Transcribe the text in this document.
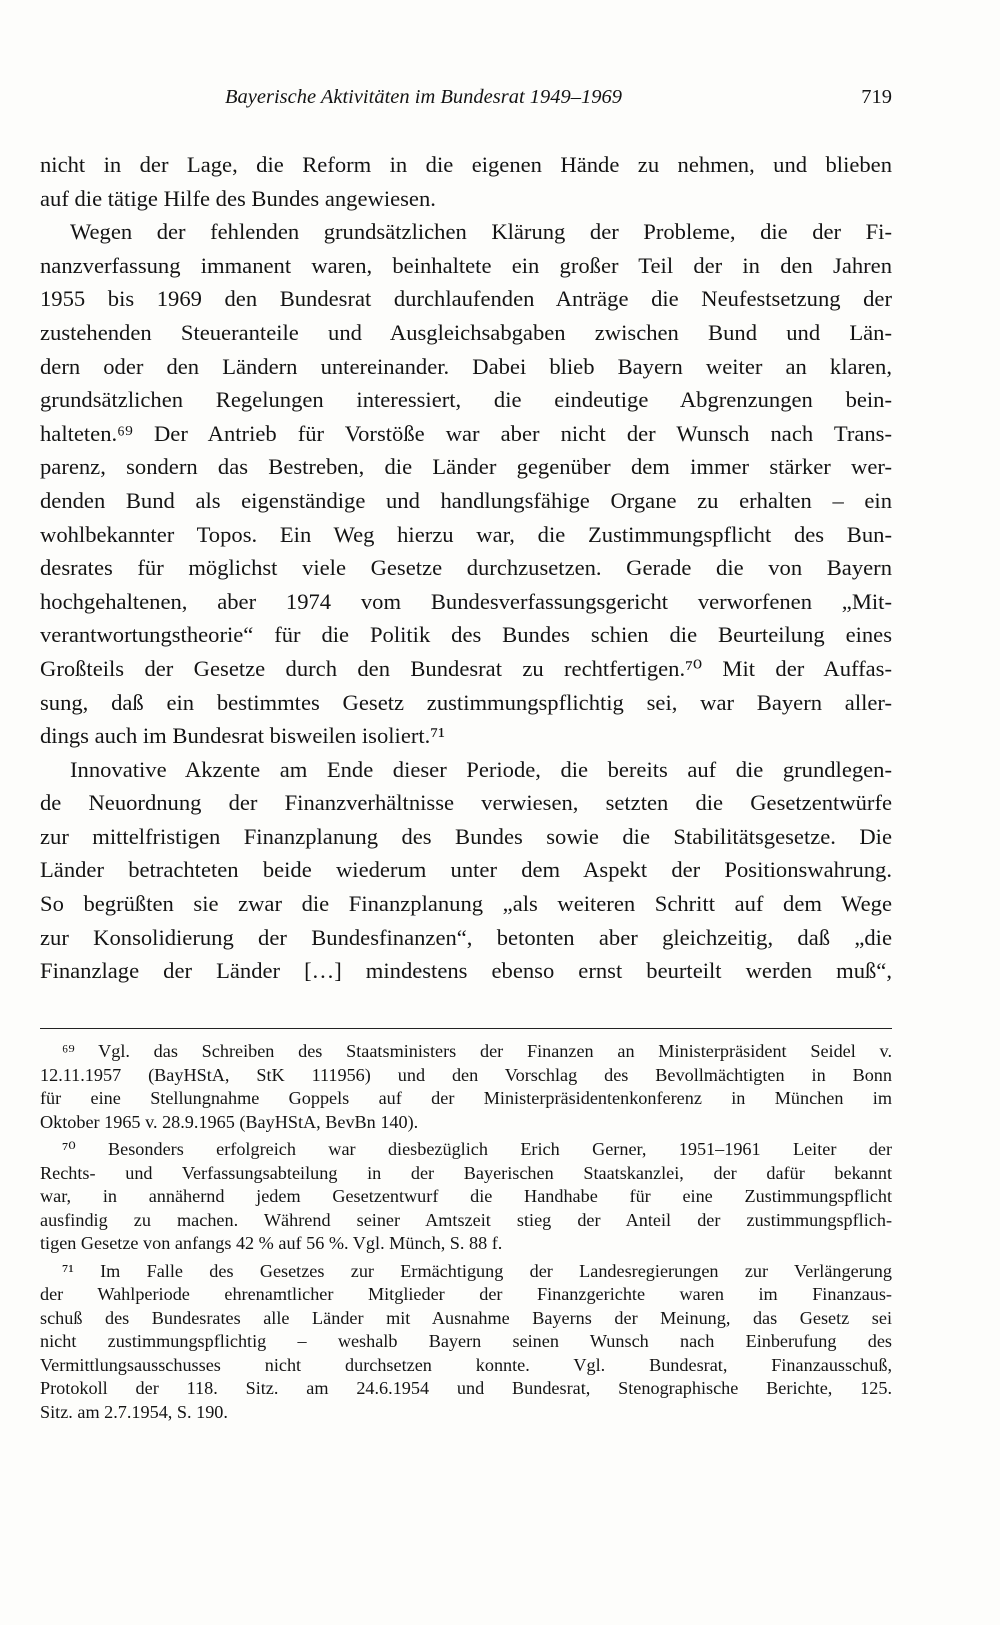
Bayerische Aktivitäten im Bundesrat 1949–1969	719
nicht in der Lage, die Reform in die eigenen Hände zu nehmen, und blieben
auf die tätige Hilfe des Bundes angewiesen.
Wegen der fehlenden grundsätzlichen Klärung der Probleme, die der Fi-
nanzverfassung immanent waren, beinhaltete ein großer Teil der in den Jahren
1955 bis 1969 den Bundesrat durchlaufenden Anträge die Neufestsetzung der
zustehenden Steueranteile und Ausgleichsabgaben zwischen Bund und Län-
dern oder den Ländern untereinander. Dabei blieb Bayern weiter an klaren,
grundsätzlichen Regelungen interessiert, die eindeutige Abgrenzungen bein-
halteten.⁶⁹ Der Antrieb für Vorstöße war aber nicht der Wunsch nach Trans-
parenz, sondern das Bestreben, die Länder gegenüber dem immer stärker wer-
denden Bund als eigenständige und handlungsfähige Organe zu erhalten – ein
wohlbekannter Topos. Ein Weg hierzu war, die Zustimmungspflicht des Bun-
desrates für möglichst viele Gesetze durchzusetzen. Gerade die von Bayern
hochgehaltenen, aber 1974 vom Bundesverfassungsgericht verworfenen „Mit-
verantwortungstheorie“ für die Politik des Bundes schien die Beurteilung eines
Großteils der Gesetze durch den Bundesrat zu rechtfertigen.⁷⁰ Mit der Auffas-
sung, daß ein bestimmtes Gesetz zustimmungspflichtig sei, war Bayern aller-
dings auch im Bundesrat bisweilen isoliert.⁷¹
Innovative Akzente am Ende dieser Periode, die bereits auf die grundlegen-
de Neuordnung der Finanzverhältnisse verwiesen, setzten die Gesetzentwürfe
zur mittelfristigen Finanzplanung des Bundes sowie die Stabilitätsgesetze. Die
Länder betrachteten beide wiederum unter dem Aspekt der Positionswahrung.
So begrüßten sie zwar die Finanzplanung „als weiteren Schritt auf dem Wege
zur Konsolidierung der Bundesfinanzen“, betonten aber gleichzeitig, daß „die
Finanzlage der Länder […] mindestens ebenso ernst beurteilt werden muß“,
⁶⁹ Vgl. das Schreiben des Staatsministers der Finanzen an Ministerpräsident Seidel v.
12.11.1957 (BayHStA, StK 111956) und den Vorschlag des Bevollmächtigten in Bonn
für eine Stellungnahme Goppels auf der Ministerpräsidentenkonferenz in München im
Oktober 1965 v. 28.9.1965 (BayHStA, BevBn 140).
⁷⁰ Besonders erfolgreich war diesbezüglich Erich Gerner, 1951–1961 Leiter der
Rechts- und Verfassungsabteilung in der Bayerischen Staatskanzlei, der dafür bekannt
war, in annähernd jedem Gesetzentwurf die Handhabe für eine Zustimmungspflicht
ausfindig zu machen. Während seiner Amtszeit stieg der Anteil der zustimmungspflich-
tigen Gesetze von anfangs 42 % auf 56 %. Vgl. Münch, S. 88 f.
⁷¹ Im Falle des Gesetzes zur Ermächtigung der Landesregierungen zur Verlängerung
der Wahlperiode ehrenamtlicher Mitglieder der Finanzgerichte waren im Finanzaus-
schuß des Bundesrates alle Länder mit Ausnahme Bayerns der Meinung, das Gesetz sei
nicht zustimmungspflichtig – weshalb Bayern seinen Wunsch nach Einberufung des
Vermittlungsausschusses nicht durchsetzen konnte. Vgl. Bundesrat, Finanzausschuß,
Protokoll der 118. Sitz. am 24.6.1954 und Bundesrat, Stenographische Berichte, 125.
Sitz. am 2.7.1954, S. 190.
